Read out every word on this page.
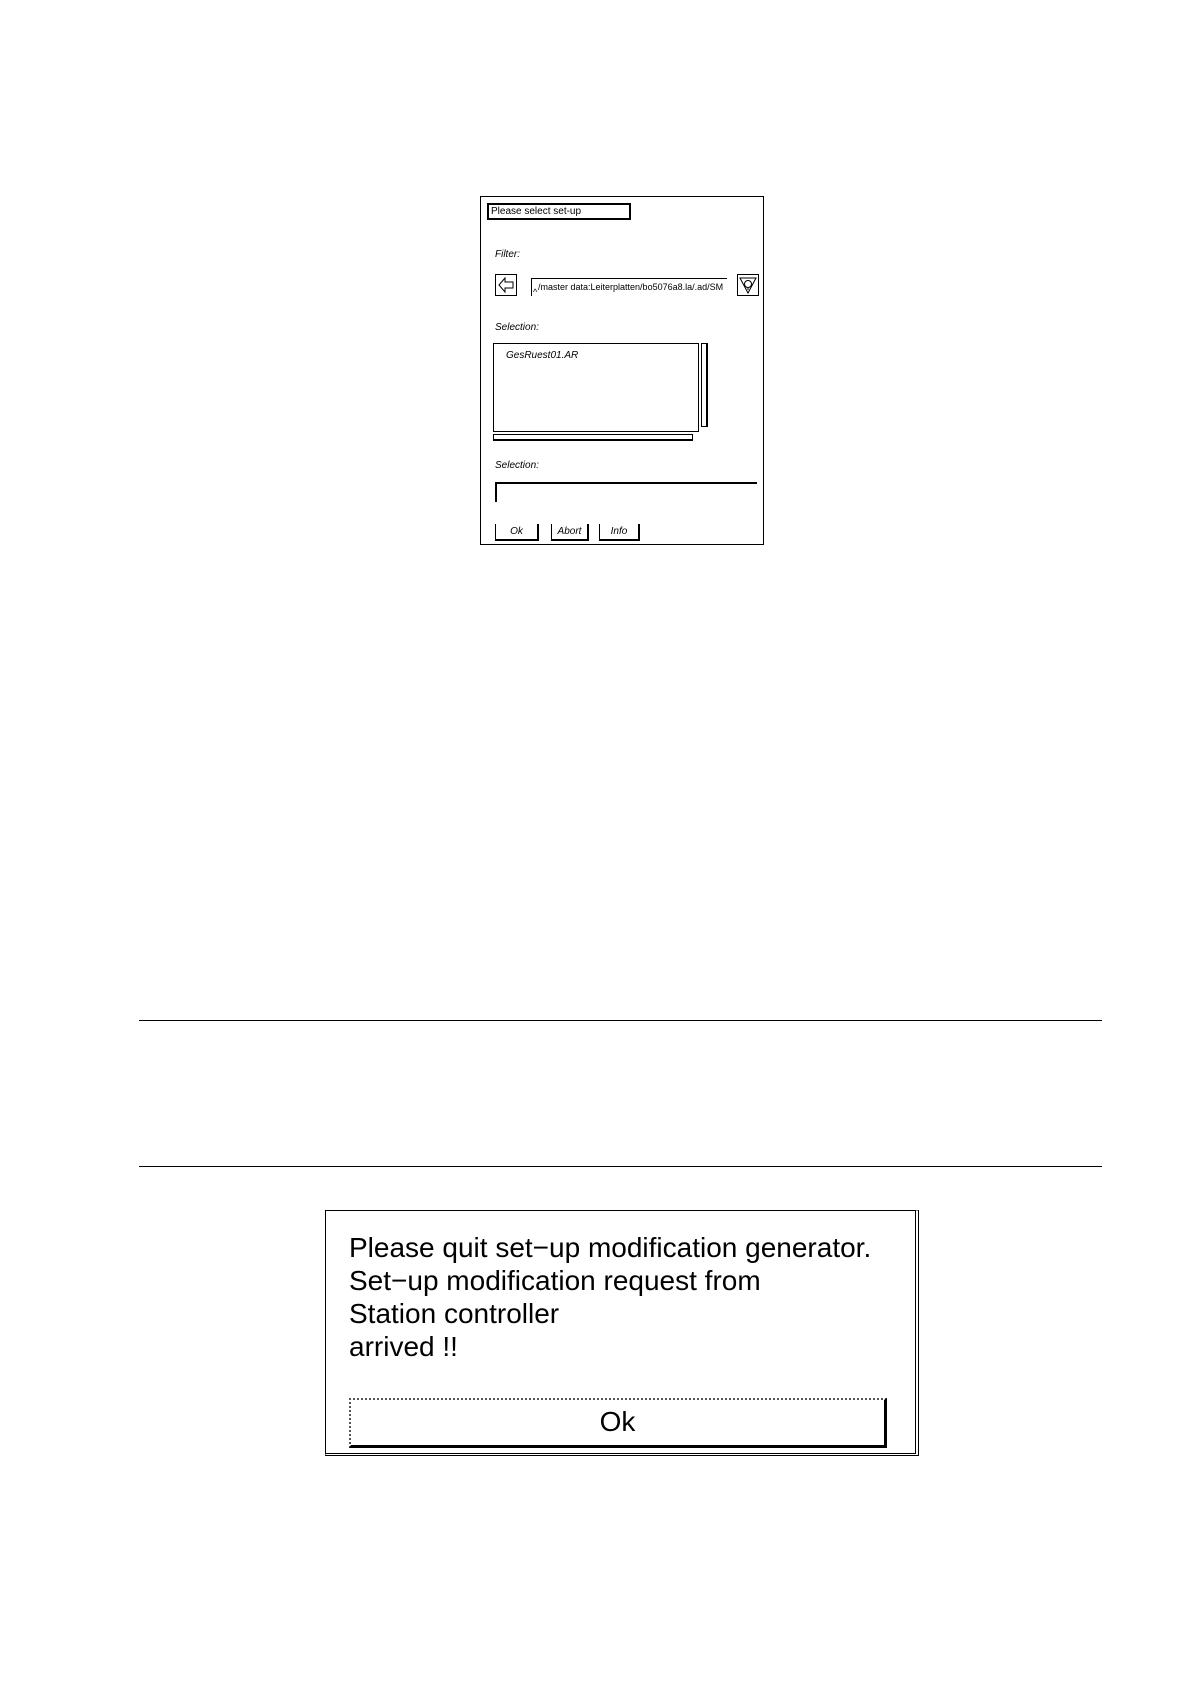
Please select set-up
Filter:
^ /master data:Leiterplatten/bo5076a8.la/.ad/SM
Selection:
GesRuest01.AR
Selection:
Ok	Abort	Info
Please quit set−up modification generator.
Set−up modification request from
Station controller
arrived !!
Ok
